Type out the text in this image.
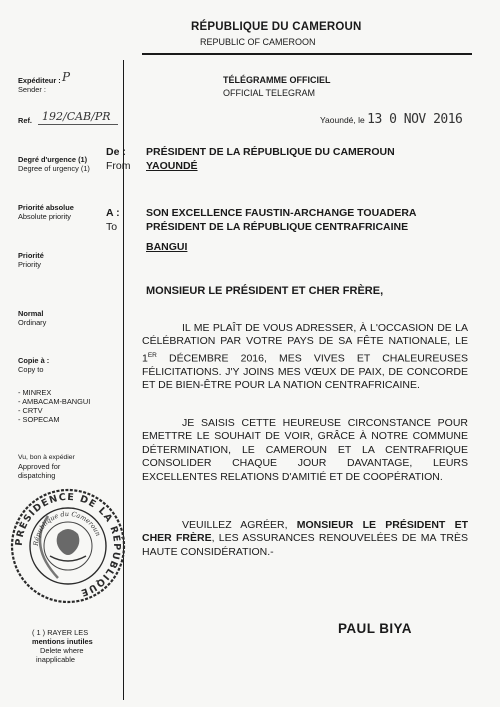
RÉPUBLIQUE DU CAMEROUN
REPUBLIC OF CAMEROON
Expéditeur :
Sender :
P
Ref. 192/CAB/PR
Degré d'urgence (1)
Degree of urgency (1)
Priorité absolue
Absolute priority
Priorité
Priority
Normal
Ordinary
Copie à :
Copy to
- MINREX
- AMBACAM-BANGUI
- CRTV
- SOPECAM
Vu, bon à expédier
Approved for
dispatching
PRÉSIDENCE DE LA RÉPUBLIQUE
République du Cameroun
( 1 ) RAYER LES
mentions inutiles
Delete where
inapplicable
TÉLÉGRAMME OFFICIEL
OFFICIAL TELEGRAM
Yaoundé, le 13 0 NOV 2016
De :
From
PRÉSIDENT DE LA RÉPUBLIQUE DU CAMEROUN
YAOUNDÉ
A :
To
SON EXCELLENCE FAUSTIN-ARCHANGE TOUADERA
PRÉSIDENT DE LA RÉPUBLIQUE CENTRAFRICAINE
BANGUI
MONSIEUR LE PRÉSIDENT ET CHER FRÈRE,

IL ME PLAÎT DE VOUS ADRESSER, À L'OCCASION DE LA CÉLÉBRATION PAR VOTRE PAYS DE SA FÊTE NATIONALE, LE 1ER DÉCEMBRE 2016, MES VIVES ET CHALEUREUSES FÉLICITATIONS. J'Y JOINS MES VŒUX DE PAIX, DE CONCORDE ET DE BIEN-ÊTRE POUR LA NATION CENTRAFRICAINE.

JE SAISIS CETTE HEUREUSE CIRCONSTANCE POUR EMETTRE LE SOUHAIT DE VOIR, GRÂCE À NOTRE COMMUNE DÉTERMINATION, LE CAMEROUN ET LA CENTRAFRIQUE CONSOLIDER CHAQUE JOUR DAVANTAGE, LEURS EXCELLENTES RELATIONS D'AMITIÉ ET DE COOPÉRATION.

VEUILLEZ AGRÉER, MONSIEUR LE PRÉSIDENT ET CHER FRÈRE, LES ASSURANCES RENOUVELÉES DE MA TRÈS HAUTE CONSIDÉRATION.-

PAUL BIYA
